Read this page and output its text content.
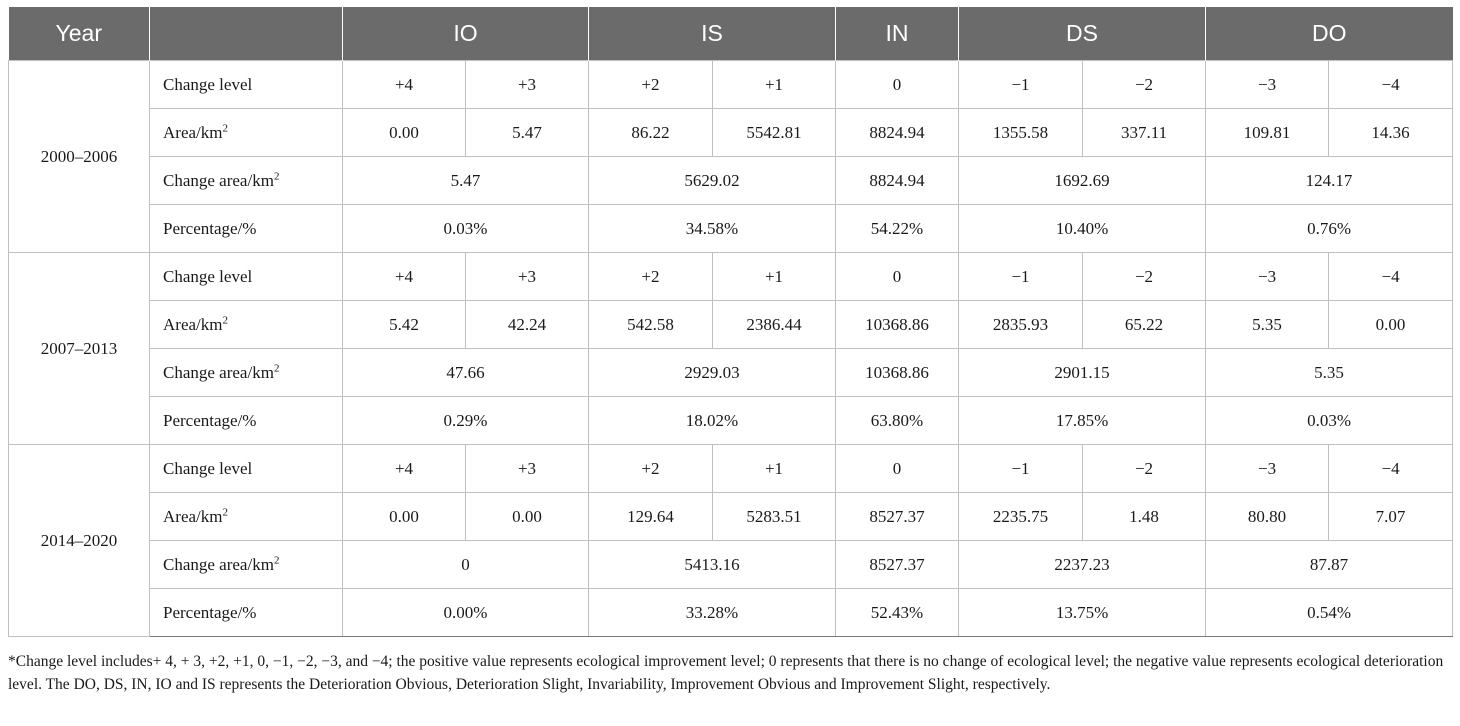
Year		IO		IS		IN	DS		DO	
2000–2006	Change level	+4	+3	+2	+1	0	−1	−2	−3	−4
	Area/$km^2$	0.00	5.47	86.22	5542.81	8824.94	1355.58	337.11	109.81	14.36
	Change area/$km^2$	5.47		5629.02		8824.94	1692.69		124.17	
	Percentage/%	0.03%		34.58%		54.22%	10.40%		0.76%	
2007–2013	Change level	+4	+3	+2	+1	0	−1	−2	−3	−4
	Area/$km^2$	5.42	42.24	542.58	2386.44	10368.86	2835.93	65.22	5.35	0.00
	Change area/$km^2$	47.66		2929.03		10368.86	2901.15		5.35	
	Percentage/%	0.29%		18.02%		63.80%	17.85%		0.03%	
2014–2020	Change level	+4	+3	+2	+1	0	−1	−2	−3	−4
	Area/$km^2$	0.00	0.00	129.64	5283.51	8527.37	2235.75	1.48	80.80	7.07
	Change area/$km^2$	0		5413.16		8527.37	2237.23		87.87	
	Percentage/%	0.00%		33.28%		52.43%	13.75%		0.54%	

*Change level includes+ 4, + 3, +2, +1, 0, −1, −2, −3, and −4; the positive value represents ecological improvement level; 0 represents that there is no change of ecological level; the negative value represents ecological deterioration level. The DO, DS, IN, IO and IS represents the Deterioration Obvious, Deterioration Slight, Invariability, Improvement Obvious and Improvement Slight, respectively.
